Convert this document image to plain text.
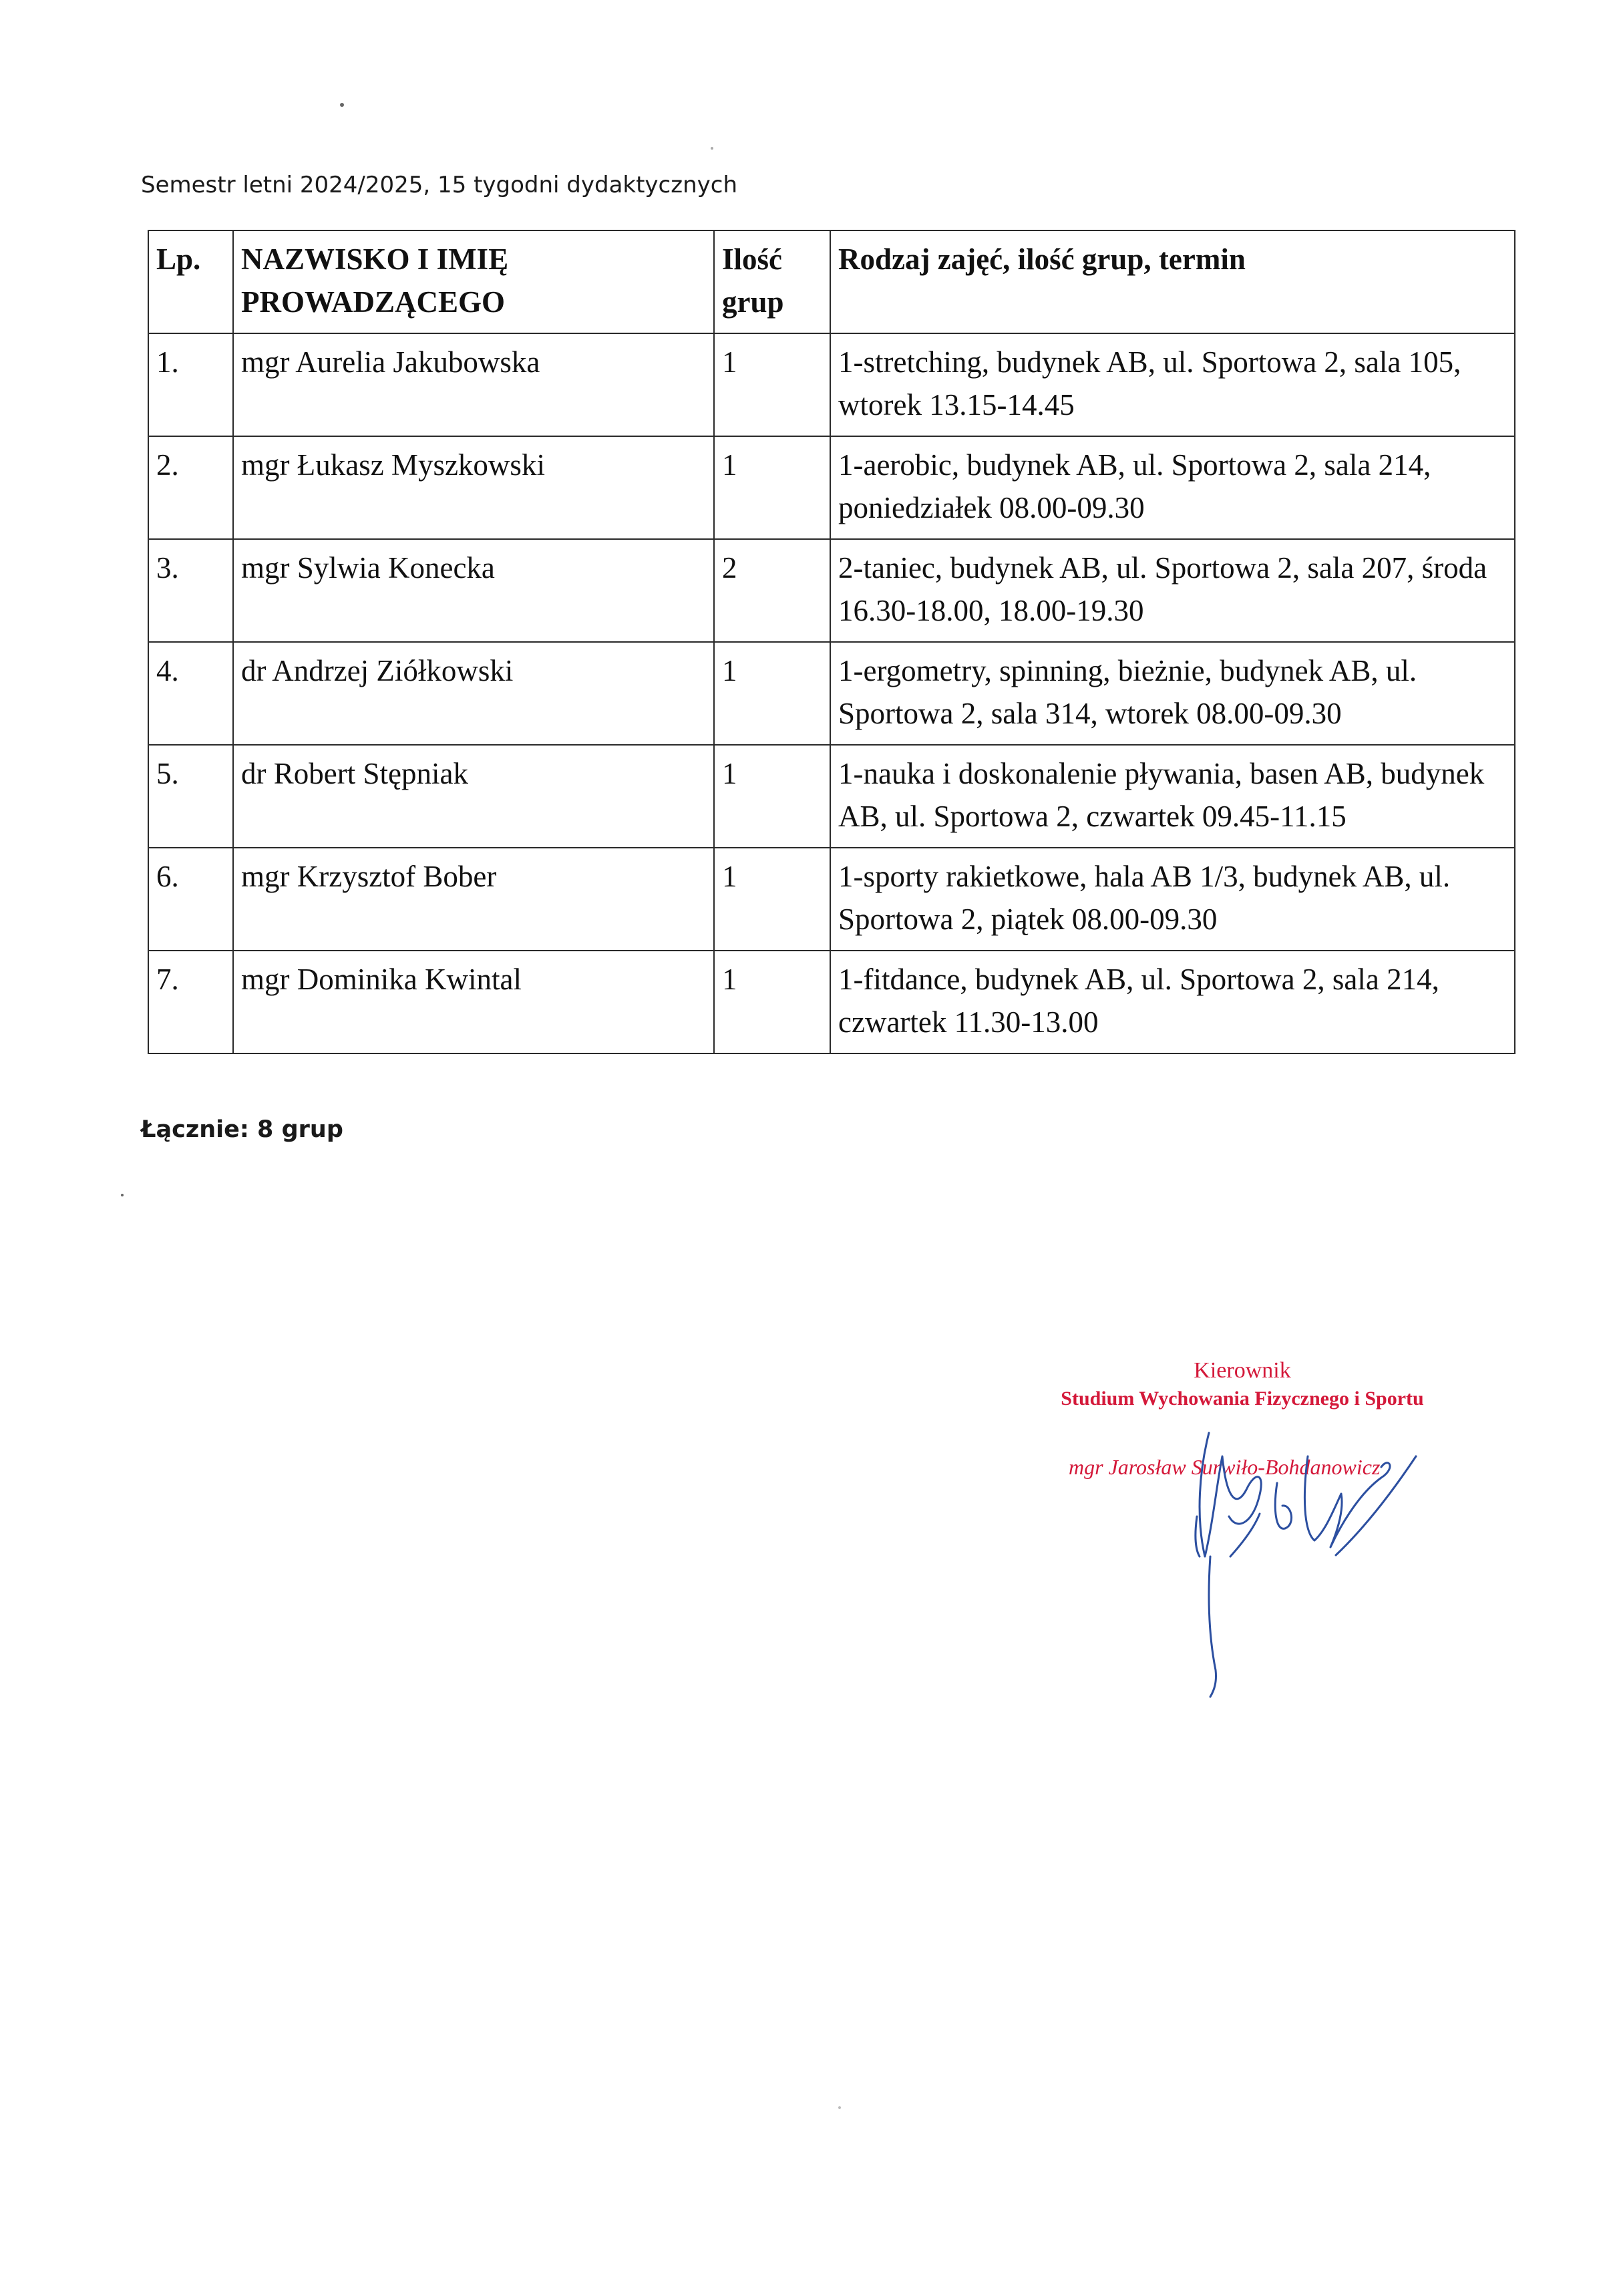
Semestr letni 2024/2025, 15 tygodni dydaktycznych
Lp.	NAZWISKO I IMIĘ PROWADZĄCEGO	Ilość grup	Rodzaj zajęć, ilość grup, termin
1.	mgr Aurelia Jakubowska	1	1-stretching, budynek AB, ul. Sportowa 2, sala 105, wtorek 13.15-14.45
2.	mgr Łukasz Myszkowski	1	1-aerobic, budynek AB, ul. Sportowa 2, sala 214, poniedziałek 08.00-09.30
3.	mgr Sylwia Konecka	2	2-taniec, budynek AB, ul. Sportowa 2, sala 207, środa 16.30-18.00, 18.00-19.30
4.	dr Andrzej Ziółkowski	1	1-ergometry, spinning, bieżnie, budynek AB, ul. Sportowa 2, sala 314, wtorek 08.00-09.30
5.	dr Robert Stępniak	1	1-nauka i doskonalenie pływania, basen AB, budynek AB, ul. Sportowa 2, czwartek 09.45-11.15
6.	mgr Krzysztof Bober	1	1-sporty rakietkowe, hala AB 1/3, budynek AB, ul. Sportowa 2, piątek 08.00-09.30
7.	mgr Dominika Kwintal	1	1-fitdance, budynek AB, ul. Sportowa 2, sala 214, czwartek 11.30-13.00
Łącznie: 8 grup
Kierownik
Studium Wychowania Fizycznego i Sportu
mgr Jarosław Surwiło-Bohdanowicz
